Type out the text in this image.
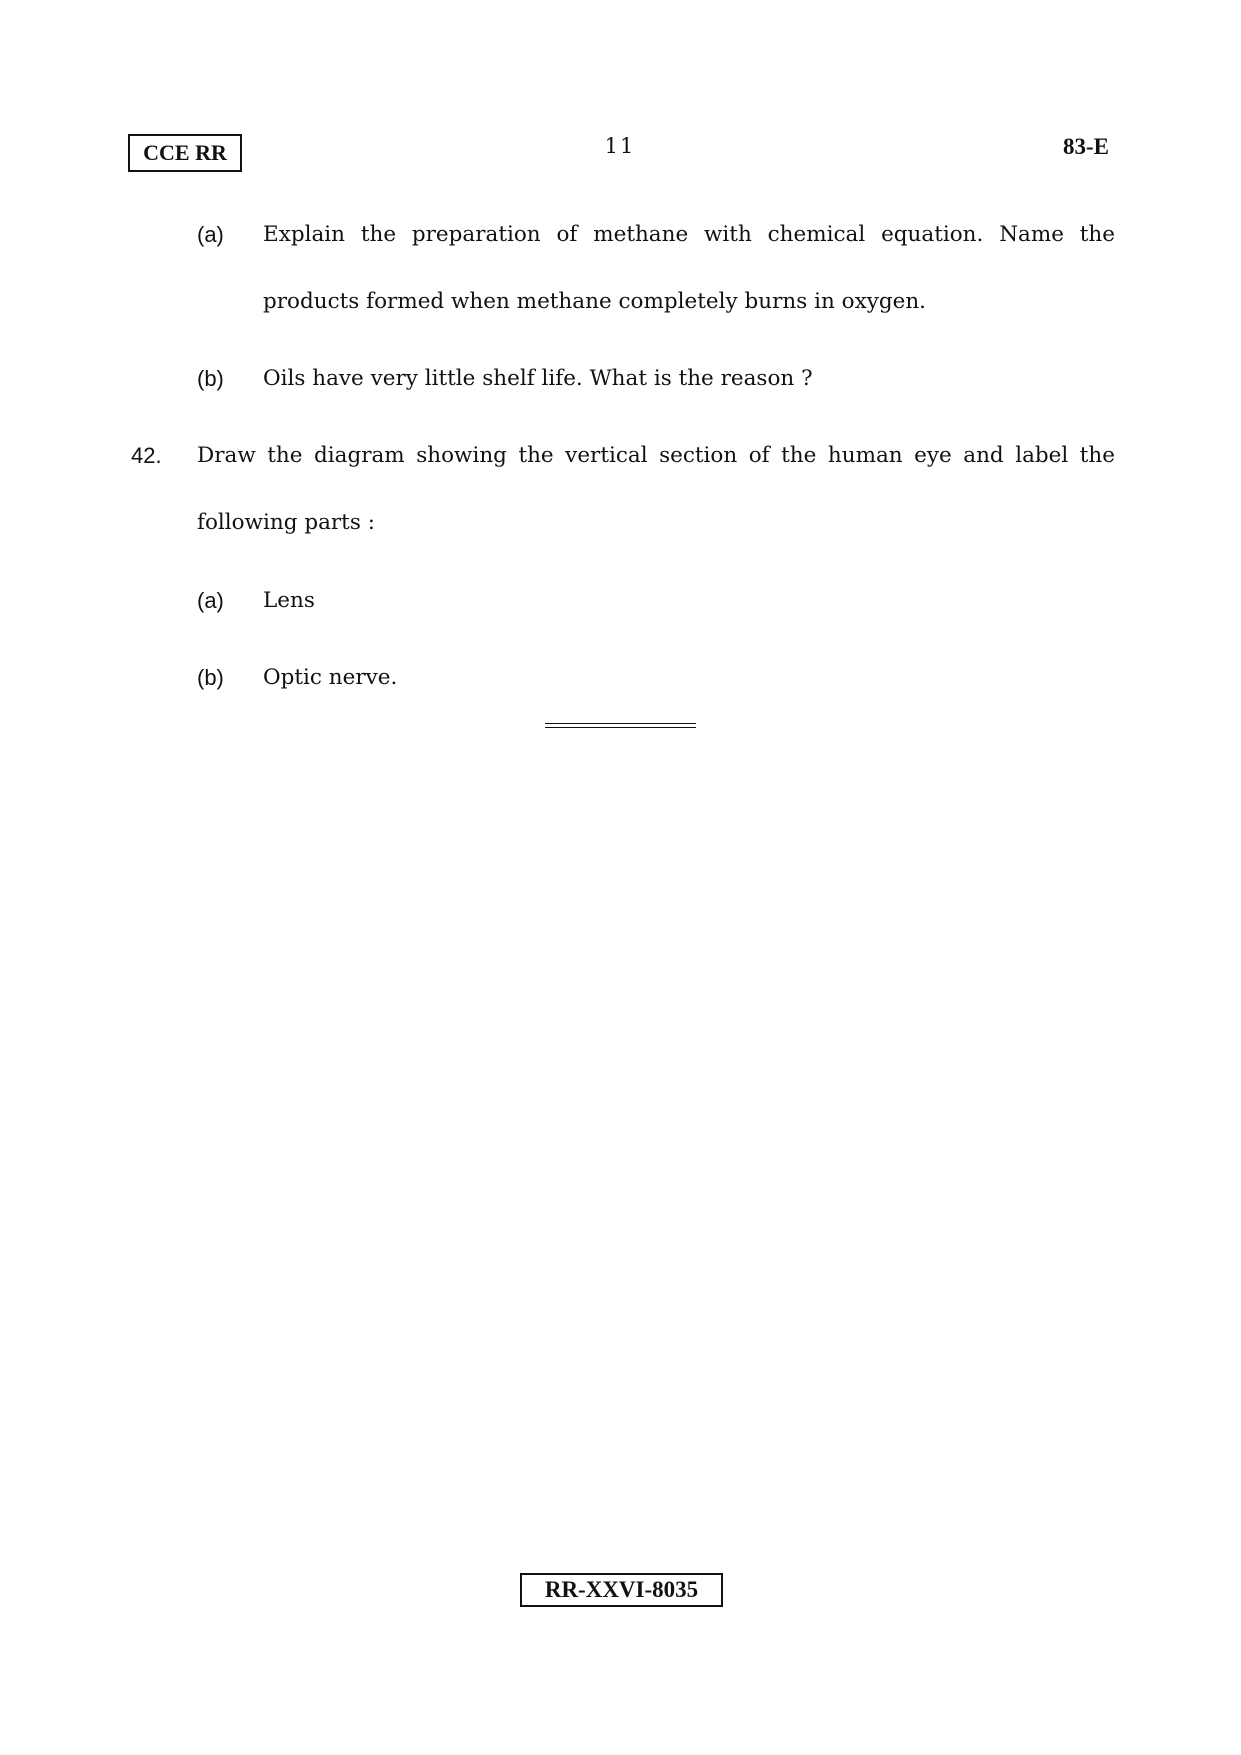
CCE RR	11	83-E
(a) Explain the preparation of methane with chemical equation. Name the
products formed when methane completely burns in oxygen.
(b) Oils have very little shelf life. What is the reason ?
42. Draw the diagram showing the vertical section of the human eye and label the
following parts :
(a) Lens
(b) Optic nerve.
RR-XXVI-8035
